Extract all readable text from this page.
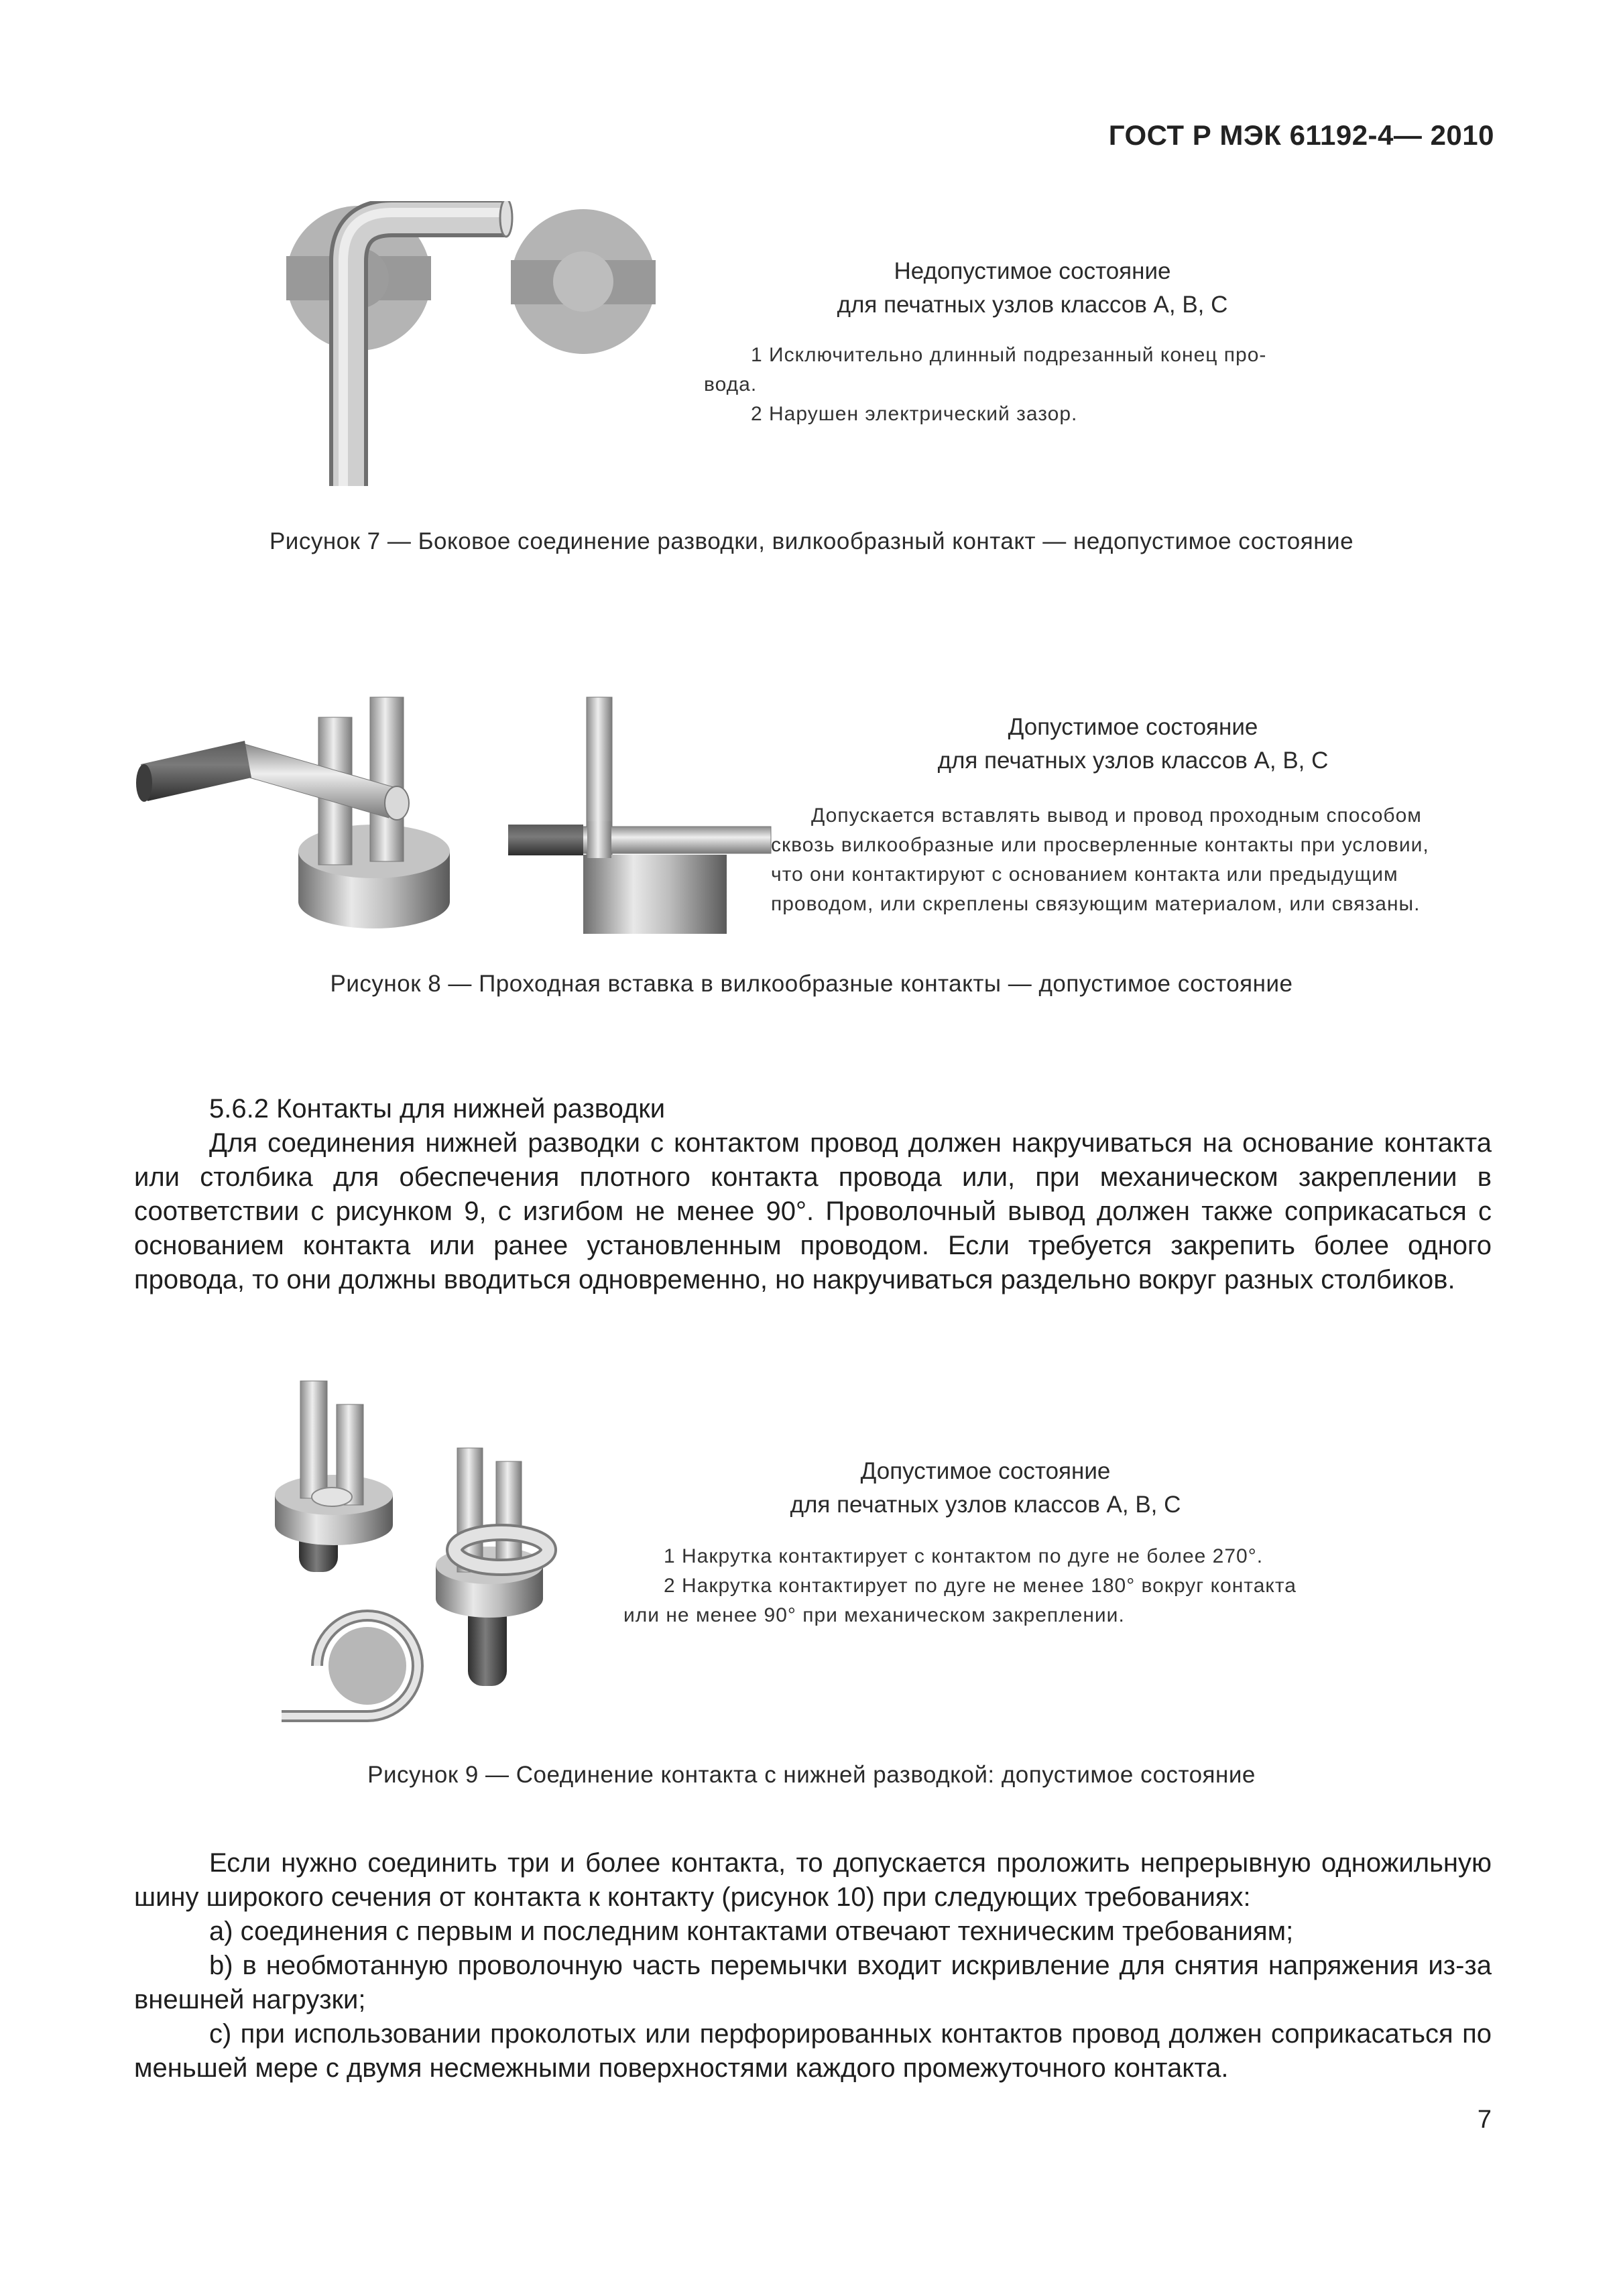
ГОСТ Р МЭК 61192-4— 2010
Недопустимое состояние
для печатных узлов классов А, В, С

1 Исключительно длинный подрезанный конец про-

вода.

2 Нарушен электрический зазор.

Рисунок 7 — Боковое соединение разводки, вилкообразный контакт — недопустимое состояние
Допустимое состояние
для печатных узлов классов А, В, С

Допускается вставлять вывод и провод проходным способом

сквозь вилкообразные или просверленные контакты при условии,

что они контактируют с основанием контакта или предыдущим

проводом, или скреплены связующим материалом, или связаны.

Рисунок 8 — Проходная вставка в вилкообразные контакты — допустимое состояние

5.6.2 Контакты для нижней разводки

Для соединения нижней разводки с контактом провод должен накручиваться на основание контакта или столбика для обеспечения плотного контакта провода или, при механическом закреплении в соответствии с рисунком 9, с изгибом не менее 90°. Проволочный вывод должен также соприкасаться с основанием контакта или ранее установленным проводом. Если требуется закрепить более одного провода, то они должны вводиться одновременно, но накручиваться раздельно вокруг разных столбиков.

Допустимое состояние
для печатных узлов классов А, В, С

1 Накрутка контактирует с контактом по дуге не более 270°.

2 Накрутка контактирует по дуге не менее 180° вокруг контакта

или не менее 90° при механическом закреплении.

Рисунок 9 — Соединение контакта с нижней разводкой: допустимое состояние

Если нужно соединить три и более контакта, то допускается проложить непрерывную одножильную шину широкого сечения от контакта к контакту (рисунок 10) при следующих требованиях:

а) соединения с первым и последним контактами отвечают техническим требованиям;

b) в необмотанную проволочную часть перемычки входит искривление для снятия напряжения из-за внешней нагрузки;

с) при использовании проколотых или перфорированных контактов провод должен соприкасаться по меньшей мере с двумя несмежными поверхностями каждого промежуточного контакта.

7
